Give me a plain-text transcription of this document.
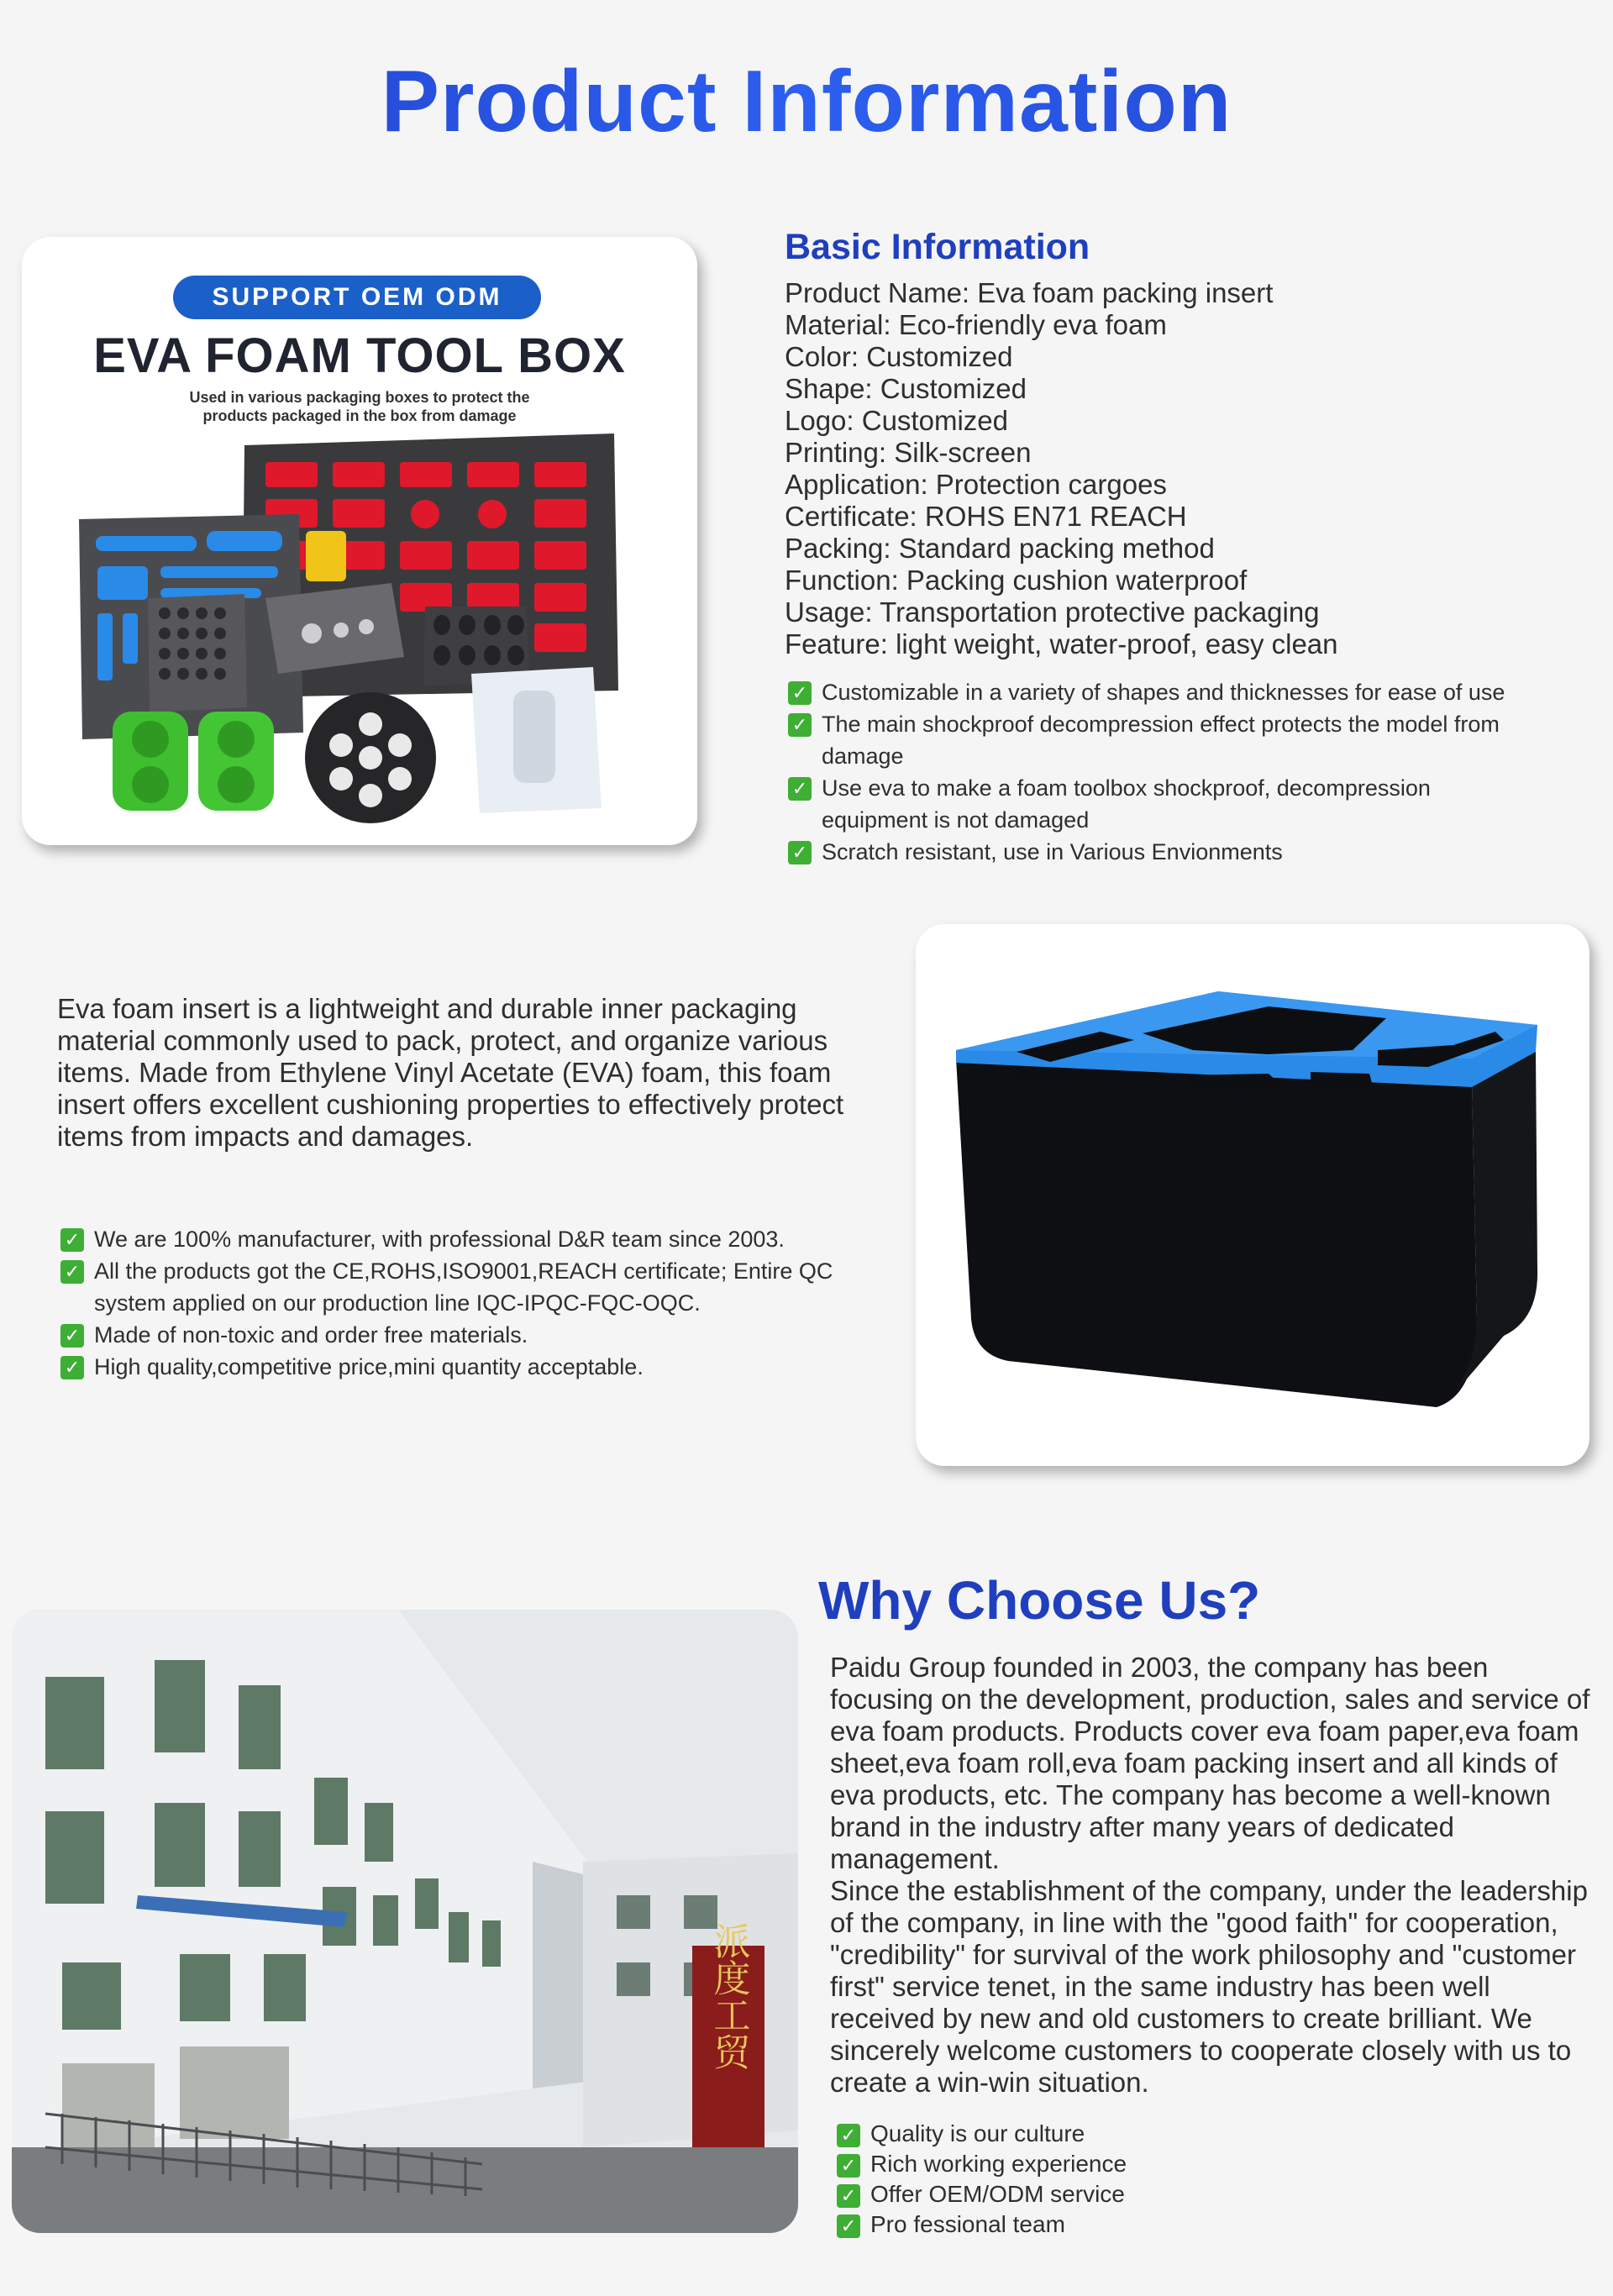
Product Information
SUPPORT OEM ODM
EVA FOAM TOOL BOX
Used in various packaging boxes to protect the
products packaged in the box from damage
Basic Information
Product Name: Eva foam packing insert
Material: Eco-friendly eva foam
Color: Customized
Shape: Customized
Logo: Customized
Printing: Silk-screen
Application: Protection cargoes
Certificate: ROHS EN71 REACH
Packing: Standard packing method
Function: Packing cushion waterproof
Usage: Transportation protective packaging
Feature: light weight, water-proof, easy clean
✓ Customizable in a variety of shapes and thicknesses for ease of use
✓ The main shockproof decompression effect protects the model from damage
✓ Use eva to make a foam toolbox shockproof, decompression equipment is not damaged
✓ Scratch resistant, use in Various Envionments

Eva foam insert is a lightweight and durable inner packaging material commonly used to pack, protect, and organize various items. Made from Ethylene Vinyl Acetate (EVA) foam, this foam insert offers excellent cushioning properties to effectively protect items from impacts and damages.

✓ We are 100% manufacturer, with professional D&R team since 2003.
✓ All the products got the CE,ROHS,ISO9001,REACH certificate; Entire QC system applied on our production line IQC-IPQC-FQC-OQC.
✓ Made of non-toxic and order free materials.
✓ High quality,competitive price,mini quantity acceptable.
派度工贸
Why Choose Us?

Paidu Group founded in 2003, the company has been focusing on the development, production, sales and service of eva foam products. Products cover eva foam paper,eva foam sheet,eva foam roll,eva foam packing insert and all kinds of eva products, etc. The company has become a well-known brand in the industry after many years of dedicated management.

Since the establishment of the company, under the leadership of the company, in line with the "good faith" for cooperation, "credibility" for survival of the work philosophy and "customer first" service tenet, in the same industry has been well received by new and old customers to create brilliant. We sincerely welcome customers to cooperate closely with us to create a win-win situation.

✓ Quality is our culture
✓ Rich working experience
✓ Offer OEM/ODM service
✓ Pro fessional team
